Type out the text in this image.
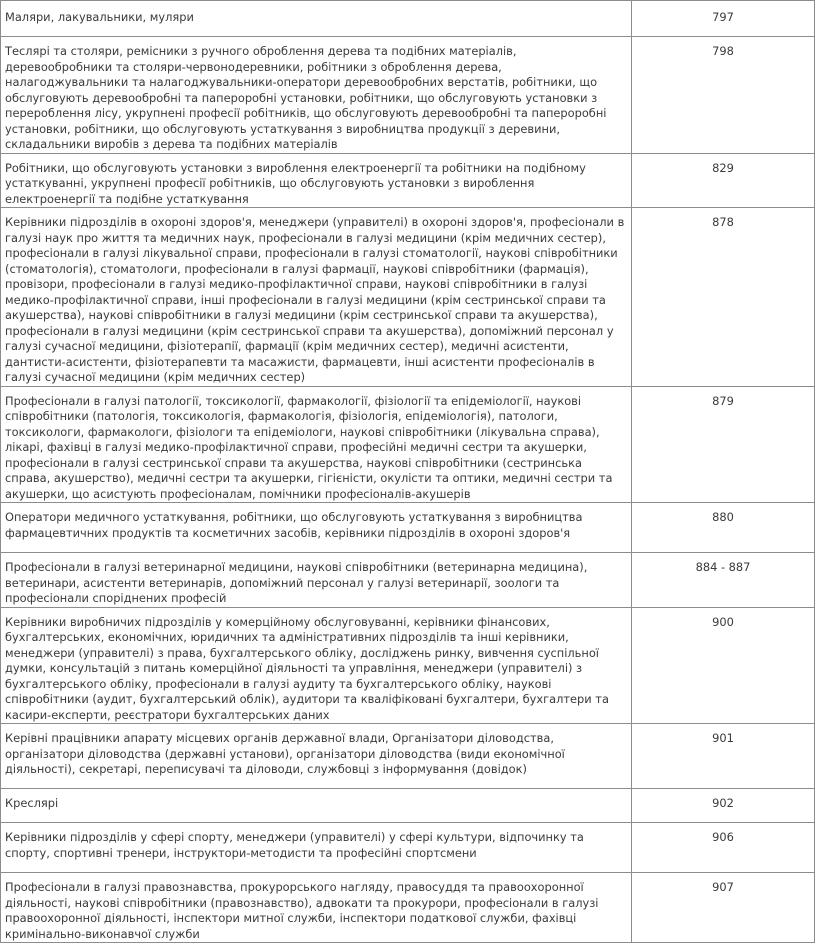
Маляри, лакувальники, муляри	797
Теслярі та столяри, ремісники з ручного оброблення дерева та подібних матеріалів, деревообробники та столяри-червонодеревники, робітники з оброблення дерева, налагоджувальники та налагоджувальники-оператори деревообробних верстатів, робітники, що обслуговують деревообробні та папероробні установки, робітники, що обслуговують установки з перероблення лісу, укрупнені професії робітників, що обслуговують деревообробні та папероробні установки, робітники, що обслуговують устаткування з виробництва продукції з деревини, складальники виробів з дерева та подібних матеріалів	798
Робітники, що обслуговують установки з вироблення електроенергії та робітники на подібному устаткуванні, укрупнені професії робітників, що обслуговують установки з вироблення електроенергії та подібне устаткування	829
Керівники підрозділів в охороні здоров'я, менеджери (управителі) в охороні здоров'я, професіонали в галузі наук про життя та медичних наук, професіонали в галузі медицини (крім медичних сестер), професіонали в галузі лікувальної справи, професіонали в галузі стоматології, наукові співробітники (стоматологія), стоматологи, професіонали в галузі фармації, наукові співробітники (фармація), провізори, професіонали в галузі медико-профілактичної справи, наукові співробітники в галузі медико-профілактичної справи, інші професіонали в галузі медицини (крім сестринської справи та акушерства), наукові співробітники в галузі медицини (крім сестринської справи та акушерства), професіонали в галузі медицини (крім сестринської справи та акушерства), допоміжний персонал у галузі сучасної медицини, фізіотерапії, фармації (крім медичних сестер), медичні асистенти, дантисти-асистенти, фізіотерапевти та масажисти, фармацевти, інші асистенти професіоналів в галузі сучасної медицини (крім медичних сестер)	878
Професіонали в галузі патології, токсикології, фармакології, фізіології та епідеміології, наукові співробітники (патологія, токсикологія, фармакологія, фізіологія, епідеміологія), патологи, токсикологи, фармакологи, фізіологи та епідеміологи, наукові співробітники (лікувальна справа), лікарі, фахівці в галузі медико-профілактичної справи, професійні медичні сестри та акушерки, професіонали в галузі сестринської справи та акушерства, наукові співробітники (сестринська справа, акушерство), медичні сестри та акушерки, гігієністи, окулісти та оптики, медичні сестри та акушерки, що асистують професіоналам, помічники професіоналів-акушерів	879
Оператори медичного устаткування, робітники, що обслуговують устаткування з виробництва фармацевтичних продуктів та косметичних засобів, керівники підрозділів в охороні здоров'я	880
Професіонали в галузі ветеринарної медицини, наукові співробітники (ветеринарна медицина), ветеринари, асистенти ветеринарів, допоміжний персонал у галузі ветеринарії, зоологи та професіонали споріднених професій	884 - 887
Керівники виробничих підрозділів у комерційному обслуговуванні, керівники фінансових, бухгалтерських, економічних, юридичних та адміністративних підрозділів та інші керівники, менеджери (управителі) з права, бухгалтерського обліку, досліджень ринку, вивчення суспільної думки, консультацій з питань комерційної діяльності та управління, менеджери (управителі) з бухгалтерського обліку, професіонали в галузі аудиту та бухгалтерського обліку, наукові співробітники (аудит, бухгалтерський облік), аудитори та кваліфіковані бухгалтери, бухгалтери та касири-експерти, реєстратори бухгалтерських даних	900
Керівні працівники апарату місцевих органів державної влади, Організатори діловодства, організатори діловодства (державні установи), організатори діловодства (види економічної діяльності), секретарі, переписувачі та діловоди, службовці з інформування (довідок)	901
Креслярі	902
Керівники підрозділів у сфері спорту, менеджери (управителі) у сфері культури, відпочинку та спорту, спортивні тренери, інструктори-методисти та професійні спортсмени	906
Професіонали в галузі правознавства, прокурорського нагляду, правосуддя та правоохоронної діяльності, наукові співробітники (правознавство), адвокати та прокурори, професіонали в галузі правоохоронної діяльності, інспектори митної служби, інспектори податкової служби, фахівці кримінально-виконавчої служби	907
